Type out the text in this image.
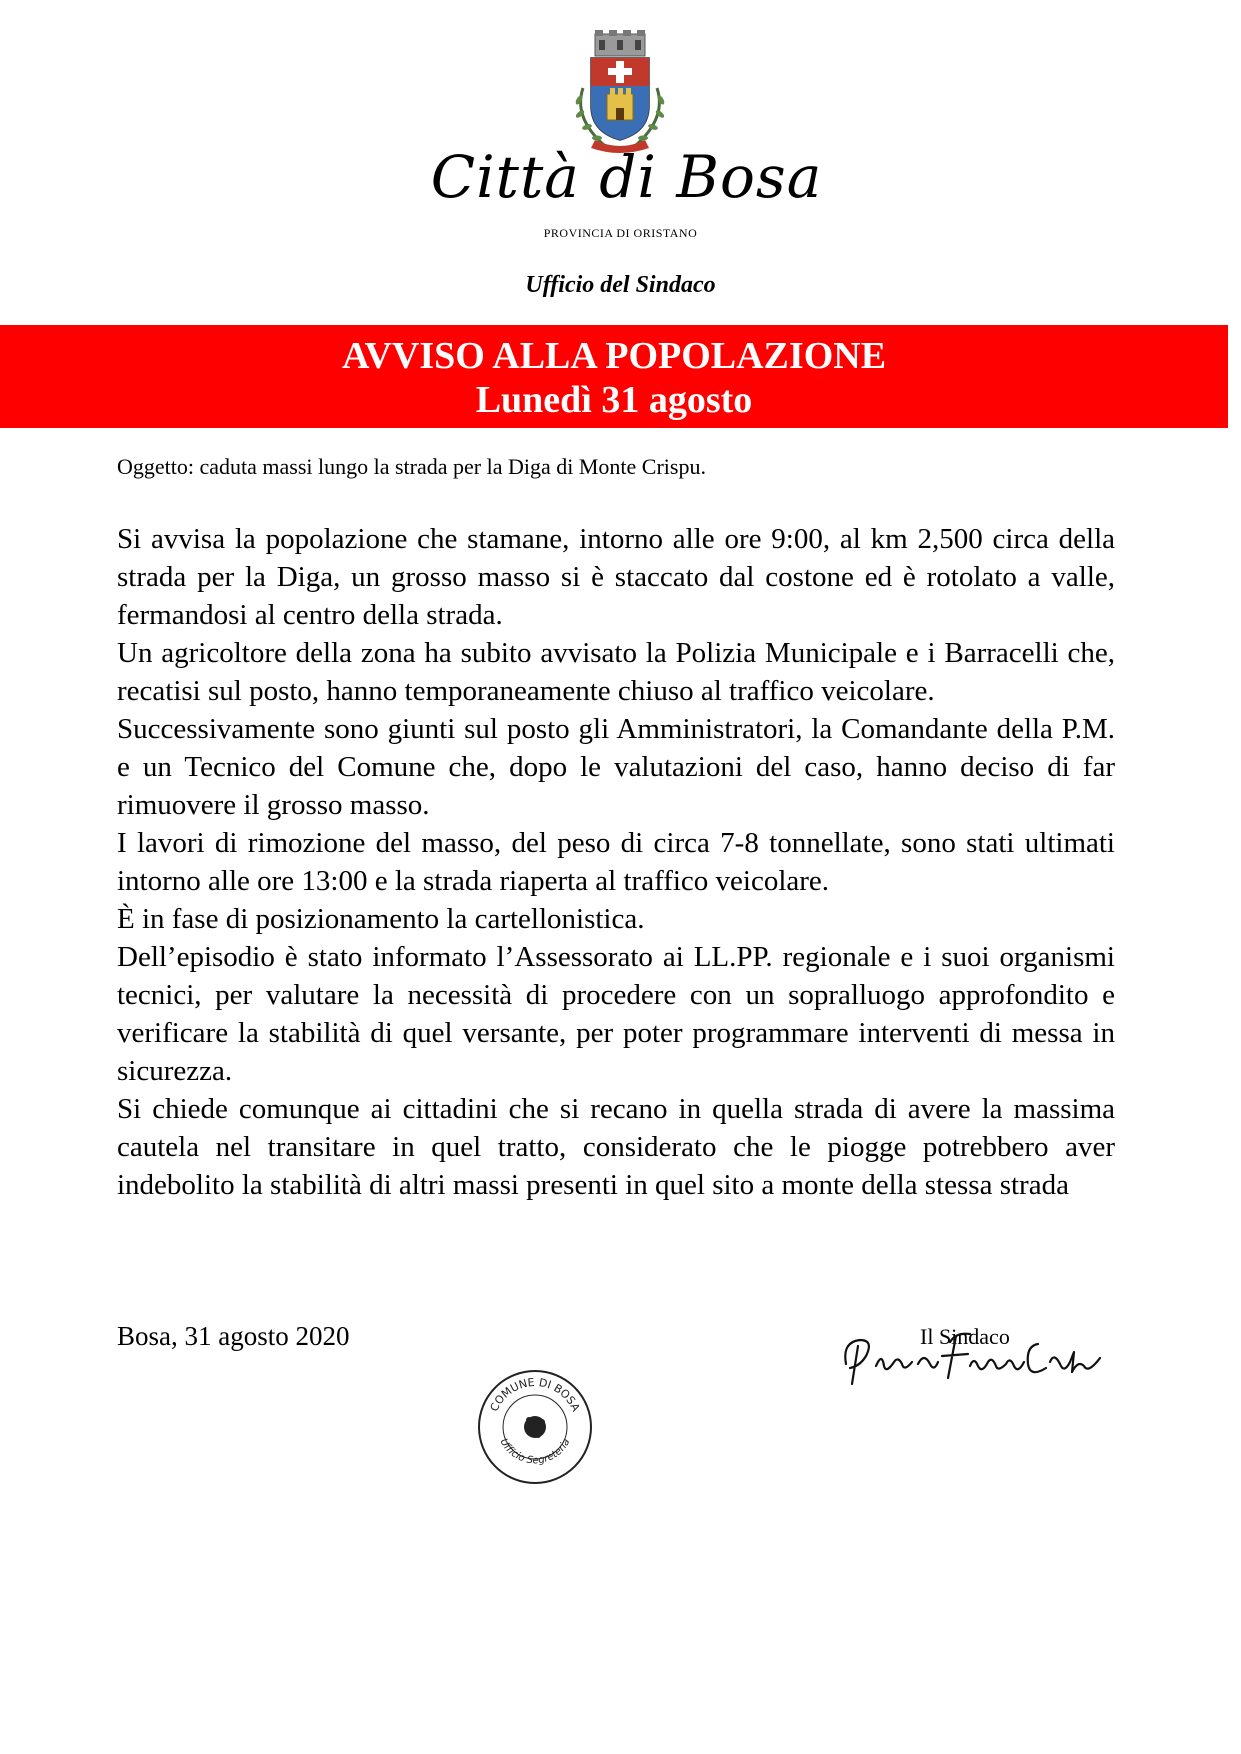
Città di Bosa
PROVINCIA DI ORISTANO
Ufficio del Sindaco
AVVISO ALLA POPOLAZIONE
Lunedì 31 agosto
Oggetto: caduta massi lungo la strada per la Diga di Monte Crispu.

Si avvisa la popolazione che stamane, intorno alle ore 9:00, al km 2,500 circa della strada per la Diga, un grosso masso si è staccato dal costone ed è rotolato a valle, fermandosi al centro della strada.

Un agricoltore della zona ha subito avvisato la Polizia Municipale e i Barracelli che, recatisi sul posto, hanno temporaneamente chiuso al traffico veicolare.

Successivamente sono giunti sul posto gli Amministratori, la Comandante della P.M. e un Tecnico del Comune che, dopo le valutazioni del caso, hanno deciso di far rimuovere il grosso masso.

I lavori di rimozione del masso, del peso di circa 7-8 tonnellate, sono stati ultimati intorno alle ore 13:00 e la strada riaperta al traffico veicolare.

È in fase di posizionamento la cartellonistica.

Dell’episodio è stato informato l’Assessorato ai LL.PP. regionale e i suoi organismi tecnici, per valutare la necessità di procedere con un sopralluogo approfondito e verificare la stabilità di quel versante, per poter programmare interventi di messa in sicurezza.

Si chiede comunque ai cittadini che si recano in quella strada di avere la massima cautela nel transitare in quel tratto, considerato che le piogge potrebbero aver indebolito la stabilità di altri massi presenti in quel sito a monte della stessa strada

Bosa, 31 agosto 2020	Il Sindaco
COMUNE DI BOSA
Ufficio Segreteria
